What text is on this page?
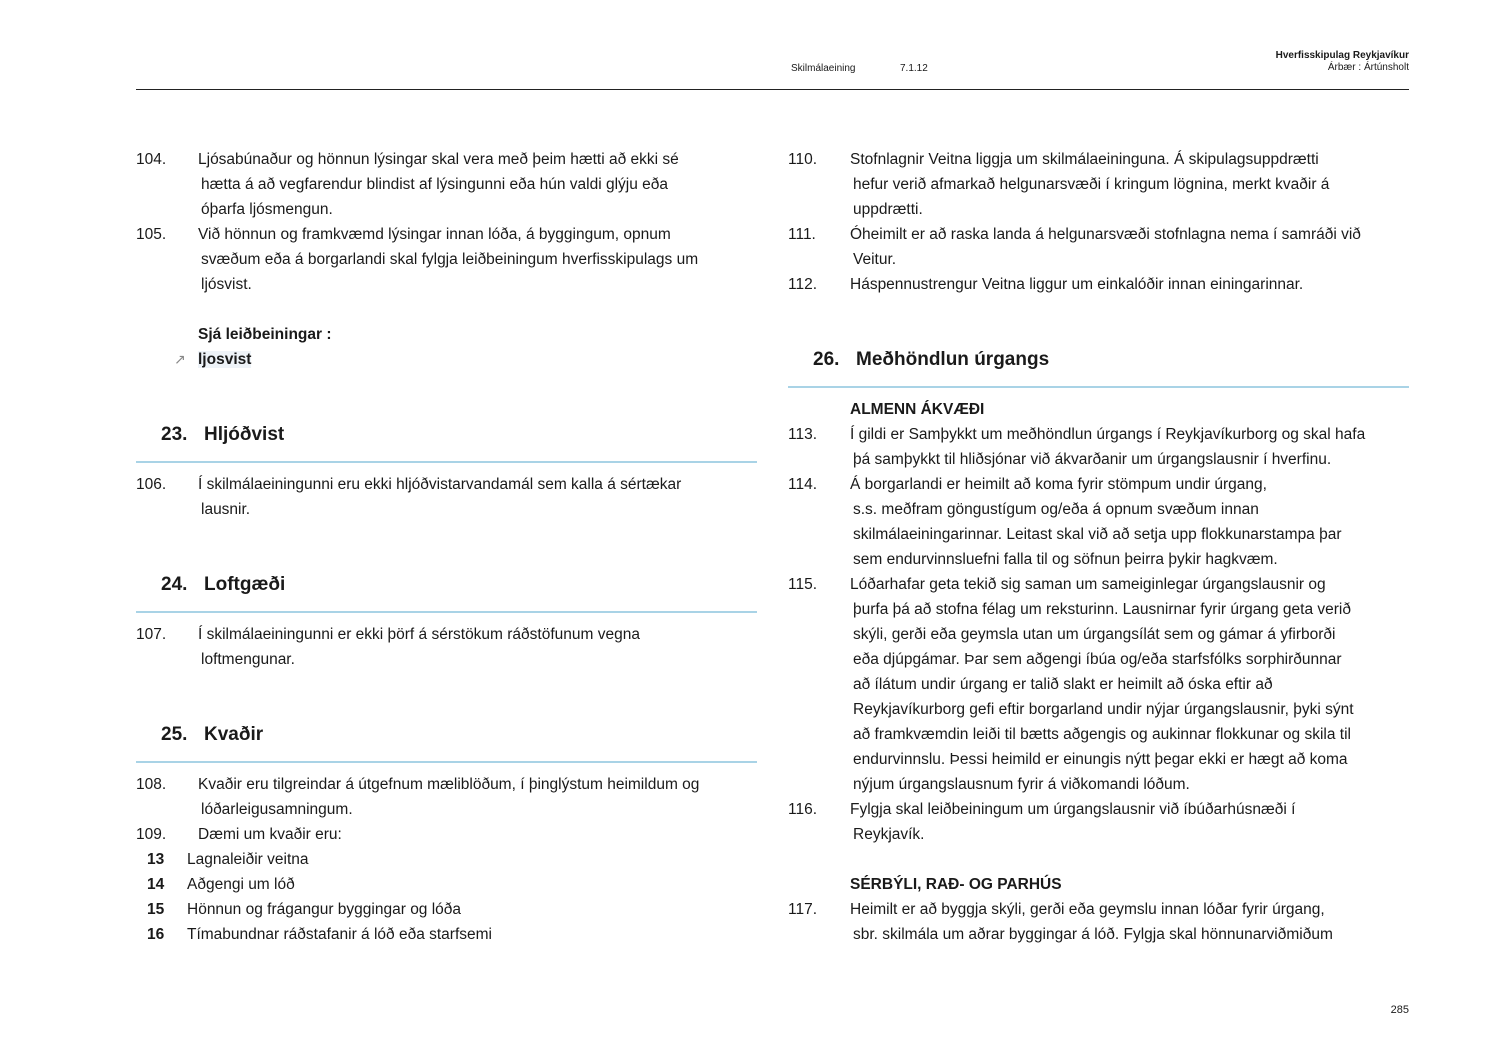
Skilmálaeining	7.1.12
Hverfisskipulag Reykjavíkur
Árbær : Ártúnsholt
104. Ljósabúnaður og hönnun lýsingar skal vera með þeim hætti að ekki sé
hætta á að vegfarendur blindist af lýsingunni eða hún valdi glýju eða
óþarfa ljósmengun.
105. Við hönnun og framkvæmd lýsingar innan lóða, á byggingum, opnum
svæðum eða á borgarlandi skal fylgja leiðbeiningum hverfisskipulags um
ljósvist.
Sjá leiðbeiningar :
↗ ljosvist
23. Hljóðvist
106. Í skilmálaeiningunni eru ekki hljóðvistarvandamál sem kalla á sértækar
lausnir.
24. Loftgæði
107. Í skilmálaeiningunni er ekki þörf á sérstökum ráðstöfunum vegna
loftmengunar.
25. Kvaðir
108. Kvaðir eru tilgreindar á útgefnum mæliblöðum, í þinglýstum heimildum og
lóðarleigusamningum.
109. Dæmi um kvaðir eru:
13 Lagnaleiðir veitna
14 Aðgengi um lóð
15 Hönnun og frágangur byggingar og lóða
16 Tímabundnar ráðstafanir á lóð eða starfsemi
110. Stofnlagnir Veitna liggja um skilmálaeininguna. Á skipulagsuppdrætti
hefur verið afmarkað helgunarsvæði í kringum lögnina, merkt kvaðir á
uppdrætti.
111. Óheimilt er að raska landa á helgunarsvæði stofnlagna nema í samráði við
Veitur.
112. Háspennustrengur Veitna liggur um einkalóðir innan einingarinnar.
26. Meðhöndlun úrgangs
ALMENN ÁKVÆÐI
113. Í gildi er Samþykkt um meðhöndlun úrgangs í Reykjavíkurborg og skal hafa
þá samþykkt til hliðsjónar við ákvarðanir um úrgangslausnir í hverfinu.
114. Á borgarlandi er heimilt að koma fyrir stömpum undir úrgang,
s.s. meðfram göngustígum og/eða á opnum svæðum innan
skilmálaeiningarinnar. Leitast skal við að setja upp flokkunarstampa þar
sem endurvinnsluefni falla til og söfnun þeirra þykir hagkvæm.
115. Lóðarhafar geta tekið sig saman um sameiginlegar úrgangslausnir og
þurfa þá að stofna félag um reksturinn. Lausnirnar fyrir úrgang geta verið
skýli, gerði eða geymsla utan um úrgangsílát sem og gámar á yfirborði
eða djúpgámar. Þar sem aðgengi íbúa og/eða starfsfólks sorphirðunnar
að ílátum undir úrgang er talið slakt er heimilt að óska eftir að
Reykjavíkurborg gefi eftir borgarland undir nýjar úrgangslausnir, þyki sýnt
að framkvæmdin leiði til bætts aðgengis og aukinnar flokkunar og skila til
endurvinnslu. Þessi heimild er einungis nýtt þegar ekki er hægt að koma
nýjum úrgangslausnum fyrir á viðkomandi lóðum.
116. Fylgja skal leiðbeiningum um úrgangslausnir við íbúðarhúsnæði í
Reykjavík.
SÉRBÝLI, RAÐ- OG PARHÚS
117. Heimilt er að byggja skýli, gerði eða geymslu innan lóðar fyrir úrgang,
sbr. skilmála um aðrar byggingar á lóð. Fylgja skal hönnunarviðmiðum
285
